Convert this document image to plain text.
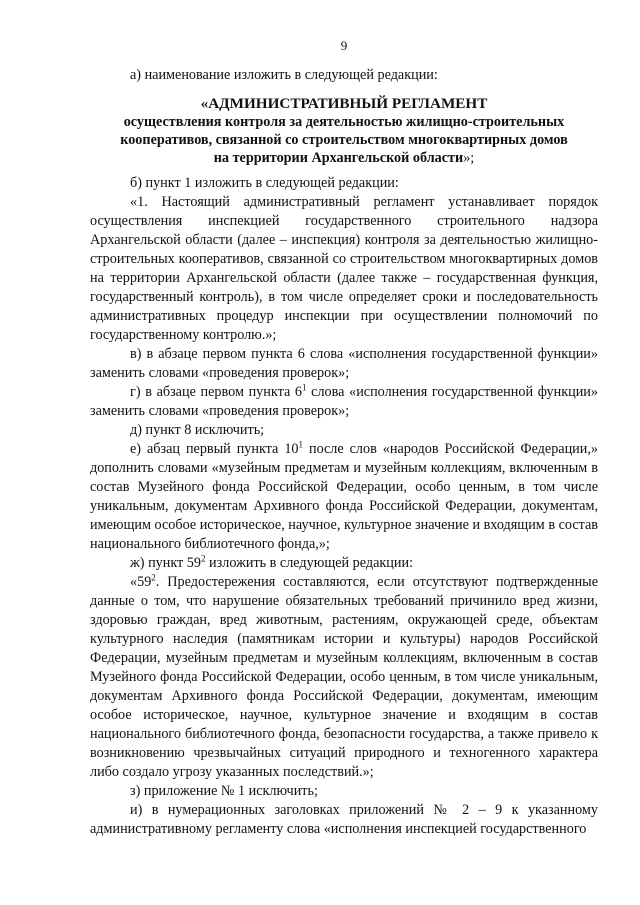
9

а) наименование изложить в следующей редакции:

«АДМИНИСТРАТИВНЫЙ РЕГЛАМЕНТ
осуществления контроля за деятельностью жилищно-строительных
кооперативов, связанной со строительством многоквартирных домов
на территории Архангельской области»;

б) пункт 1 изложить в следующей редакции:

«1. Настоящий административный регламент устанавливает порядок осуществления инспекцией государственного строительного надзора Архангельской области (далее – инспекция) контроля за деятельностью жилищно-строительных кооперативов, связанной со строительством многоквартирных домов на территории Архангельской области (далее также – государственная функция, государственный контроль), в том числе определяет сроки и последовательность административных процедур инспекции при осуществлении полномочий по государственному контролю.»;

в) в абзаце первом пункта 6 слова «исполнения государственной функции» заменить словами «проведения проверок»;

г) в абзаце первом пункта $6^1$ слова «исполнения государственной функции» заменить словами «проведения проверок»;

д) пункт 8 исключить;

е) абзац первый пункта $10^1$ после слов «народов Российской Федерации,» дополнить словами «музейным предметам и музейным коллекциям, включенным в состав Музейного фонда Российской Федерации, особо ценным, в том числе уникальным, документам Архивного фонда Российской Федерации, документам, имеющим особое историческое, научное, культурное значение и входящим в состав национального библиотечного фонда,»;

ж) пункт $59^2$ изложить в следующей редакции:

«$59^2$. Предостережения составляются, если отсутствуют подтвержденные данные о том, что нарушение обязательных требований причинило вред жизни, здоровью граждан, вред животным, растениям, окружающей среде, объектам культурного наследия (памятникам истории и культуры) народов Российской Федерации, музейным предметам и музейным коллекциям, включенным в состав Музейного фонда Российской Федерации, особо ценным, в том числе уникальным, документам Архивного фонда Российской Федерации, документам, имеющим особое историческое, научное, культурное значение и входящим в состав национального библиотечного фонда, безопасности государства, а также привело к возникновению чрезвычайных ситуаций природного и техногенного характера либо создало угрозу указанных последствий.»;

з) приложение № 1 исключить;

и) в нумерационных заголовках приложений № 2 – 9 к указанному административному регламенту слова «исполнения инспекцией государственного
